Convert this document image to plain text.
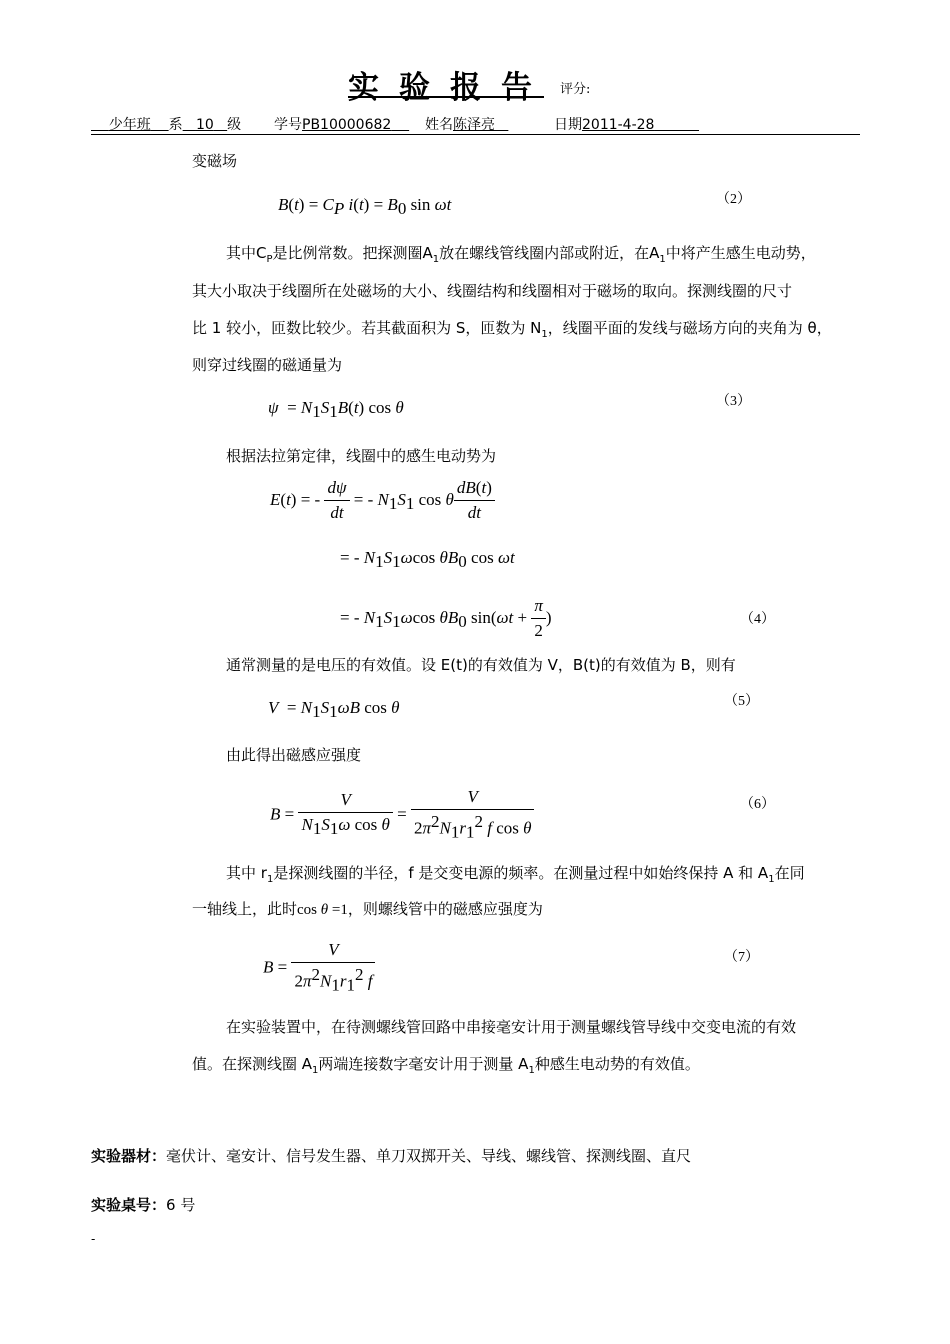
实验报告 评分:
少年班 系 10 级 学号PB10000682	姓名陈泽亮	日期2011-4-28
变磁场
$B(t) = C_P$ $i(t) = B_0$ sin ωt	（2）
其中$C_P$是比例常数。把探测圈$A_1$放在螺线管线圈内部或附近，在$A_1$中将产生感生电动势，
其大小取决于线圈所在处磁场的大小、线圈结构和线圈相对于磁场的取向。探测线圈的尺寸
比 1 较小，匝数比较少。若其截面积为 S，匝数为 $N_1$，线圈平面的发线与磁场方向的夹角为 θ，
则穿过线圈的磁通量为
$\psi = N_1S_1B(t)$ cos θ	（3）
根据法拉第定律，线圈中的感生电动势为
E(t) = - $\frac{d\psi}{dt}$ = - $N_1S_1$ cos θ $\frac{dB(t)}{dt}$
= - $N_1S_1\omega\cos$ $\theta B_0$ cos ωt
= - $N_1S_1\omega\cos$ $\theta B_0$ $\sin(\omega t + \frac{\pi}{2}$ )	（4）
通常测量的是电压的有效值。设 E(t)的有效值为 V，B(t)的有效值为 B，则有
$V = N_1S_1\omega B$ cos θ	（5）
由此得出磁感应强度
$B = \frac{V}{N_1S_1\omega \cos \theta} = \frac{V}{2\pi^2N_1r_1^2 f \cos \theta}$	（6）
其中 $r_1$是探测线圈的半径，f 是交变电源的频率。在测量过程中如始终保持 A 和 $A_1$在同
一轴线上，此时cos θ =1，则螺线管中的磁感应强度为
$B = \frac{V}{2\pi^2N_1r_1^2 f}$	（7）
在实验装置中，在待测螺线管回路中串接毫安计用于测量螺线管导线中交变电流的有效
值。在探测线圈 $A_1$两端连接数字毫安计用于测量 $A_1$种感生电动势的有效值。
实验器材：毫伏计、毫安计、信号发生器、单刀双掷开关、导线、螺线管、探测线圈、直尺
实验桌号：6 号
-
